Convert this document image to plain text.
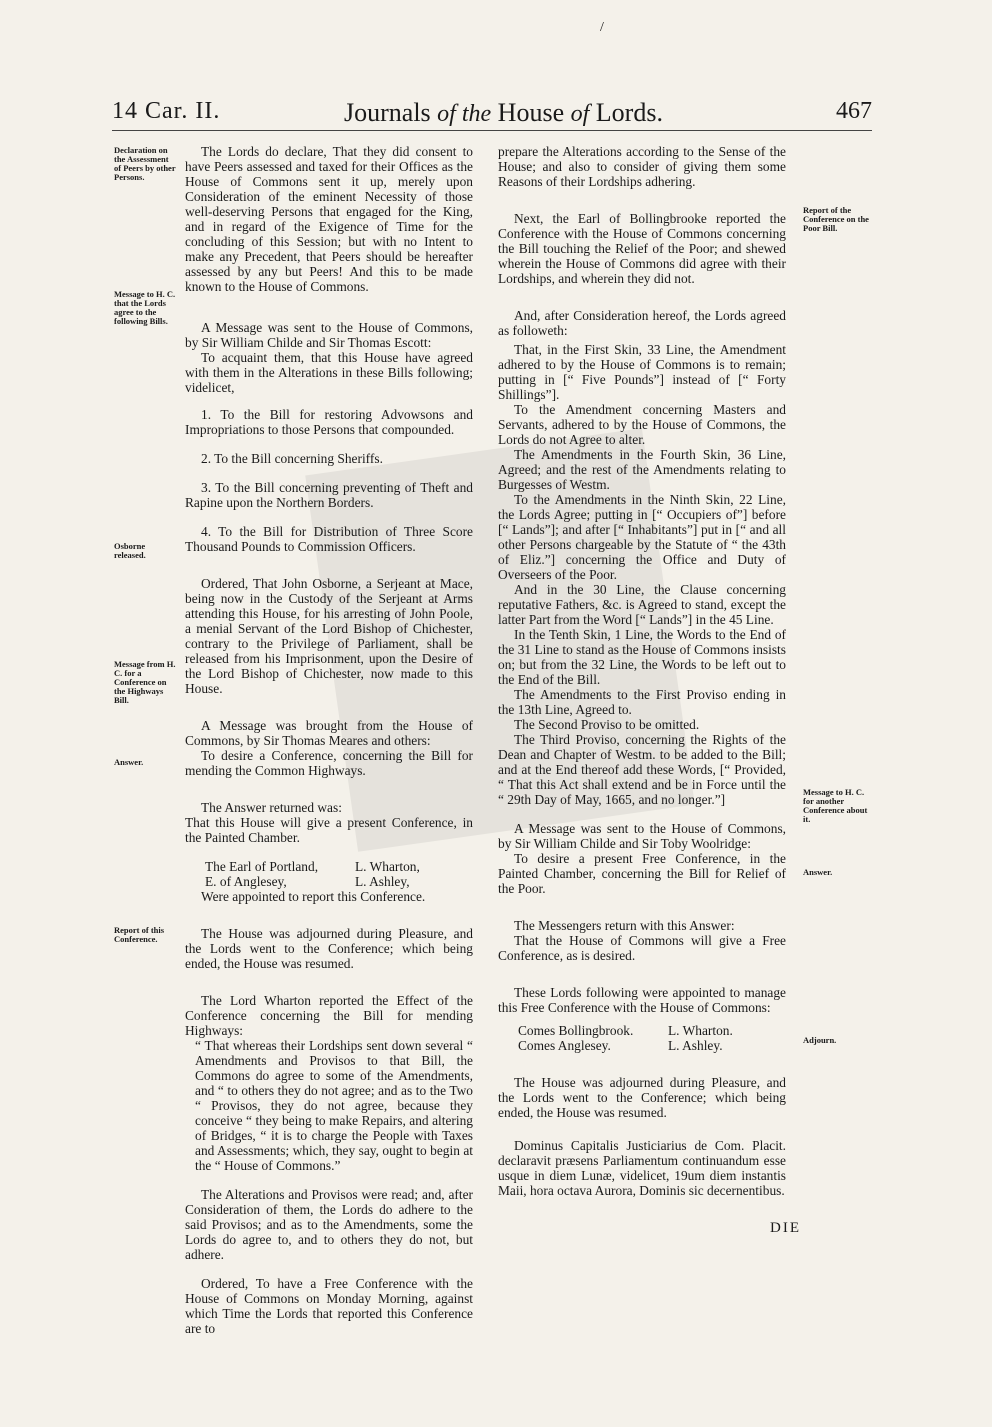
/
14 Car. II.	Journals of the House of Lords.	467
Declaration on the Assessment of Peers by other Persons.
Message to H. C. that the Lords agree to the following Bills.
Osborne released.
Message from H. C. for a Conference on the Highways Bill.
Answer.
Report of this Conference.
Report of the Conference on the Poor Bill.
Message to H. C. for another Conference about it.
Answer.
Adjourn.

The Lords do declare, That they did consent to have Peers assessed and taxed for their Offices as the House of Commons sent it up, merely upon Consideration of the eminent Necessity of those well-deserving Persons that engaged for the King, and in regard of the Exigence of Time for the concluding of this Session; but with no Intent to make any Precedent, that Peers should be hereafter assessed by any but Peers! And this to be made known to the House of Commons.

A Message was sent to the House of Commons, by Sir William Childe and Sir Thomas Escott:

To acquaint them, that this House have agreed with them in the Alterations in these Bills following; videlicet,

1. To the Bill for restoring Advowsons and Impropriations to those Persons that compounded.

2. To the Bill concerning Sheriffs.

3. To the Bill concerning preventing of Theft and Rapine upon the Northern Borders.

4. To the Bill for Distribution of Three Score Thousand Pounds to Commission Officers.

Ordered, That John Osborne, a Serjeant at Mace, being now in the Custody of the Serjeant at Arms attending this House, for his arresting of John Poole, a menial Servant of the Lord Bishop of Chichester, contrary to the Privilege of Parliament, shall be released from his Imprisonment, upon the Desire of the Lord Bishop of Chichester, now made to this House.

A Message was brought from the House of Commons, by Sir Thomas Meares and others:

To desire a Conference, concerning the Bill for mending the Common Highways.

The Answer returned was:

That this House will give a present Conference, in the Painted Chamber.

The Earl of Portland,	L. Wharton,
E. of Anglesey,	L. Ashley,

Were appointed to report this Conference.

The House was adjourned during Pleasure, and the Lords went to the Conference; which being ended, the House was resumed.

The Lord Wharton reported the Effect of the Conference concerning the Bill for mending Highways:

“ That whereas their Lordships sent down several “ Amendments and Provisos to that Bill, the Commons do agree to some of the Amendments, and “ to others they do not agree; and as to the Two “ Provisos, they do not agree, because they conceive “ they being to make Repairs, and altering of Bridges, “ it is to charge the People with Taxes and Assessments; which, they say, ought to begin at the “ House of Commons.”

The Alterations and Provisos were read; and, after Consideration of them, the Lords do adhere to the said Provisos; and as to the Amendments, some the Lords do agree to, and to others they do not, but adhere.

Ordered, To have a Free Conference with the House of Commons on Monday Morning, against which Time the Lords that reported this Conference are to

prepare the Alterations according to the Sense of the House; and also to consider of giving them some Reasons of their Lordships adhering.

Next, the Earl of Bollingbrooke reported the Conference with the House of Commons concerning the Bill touching the Relief of the Poor; and shewed wherein the House of Commons did agree with their Lordships, and wherein they did not.

And, after Consideration hereof, the Lords agreed as followeth:

That, in the First Skin, 33 Line, the Amendment adhered to by the House of Commons is to remain; putting in [“ Five Pounds”] instead of [“ Forty Shillings”].

To the Amendment concerning Masters and Servants, adhered to by the House of Commons, the Lords do not Agree to alter.

The Amendments in the Fourth Skin, 36 Line, Agreed; and the rest of the Amendments relating to Burgesses of Westm.

To the Amendments in the Ninth Skin, 22 Line, the Lords Agree; putting in [“ Occupiers of”] before [“ Lands”]; and after [“ Inhabitants”] put in [“ and all other Persons chargeable by the Statute of “ the 43th of Eliz.”] concerning the Office and Duty of Overseers of the Poor.

And in the 30 Line, the Clause concerning reputative Fathers, &c. is Agreed to stand, except the latter Part from the Word [“ Lands”] in the 45 Line.

In the Tenth Skin, 1 Line, the Words to the End of the 31 Line to stand as the House of Commons insists on; but from the 32 Line, the Words to be left out to the End of the Bill.

The Amendments to the First Proviso ending in the 13th Line, Agreed to.

The Second Proviso to be omitted.

The Third Proviso, concerning the Rights of the Dean and Chapter of Westm. to be added to the Bill; and at the End thereof add these Words, [“ Provided, “ That this Act shall extend and be in Force until the “ 29th Day of May, 1665, and no longer.”]

A Message was sent to the House of Commons, by Sir William Childe and Sir Toby Woolridge:

To desire a present Free Conference, in the Painted Chamber, concerning the Bill for Relief of the Poor.

The Messengers return with this Answer:

That the House of Commons will give a Free Conference, as is desired.

These Lords following were appointed to manage this Free Conference with the House of Commons:

Comes Bollingbrook.	L. Wharton.
Comes Anglesey.	L. Ashley.

The House was adjourned during Pleasure, and the Lords went to the Conference; which being ended, the House was resumed.

Dominus Capitalis Justiciarius de Com. Placit. declaravit præsens Parliamentum continuandum esse usque in diem Lunæ, videlicet, 19um diem instantis Maii, hora octava Aurora, Dominis sic decernentibus.

DIE
